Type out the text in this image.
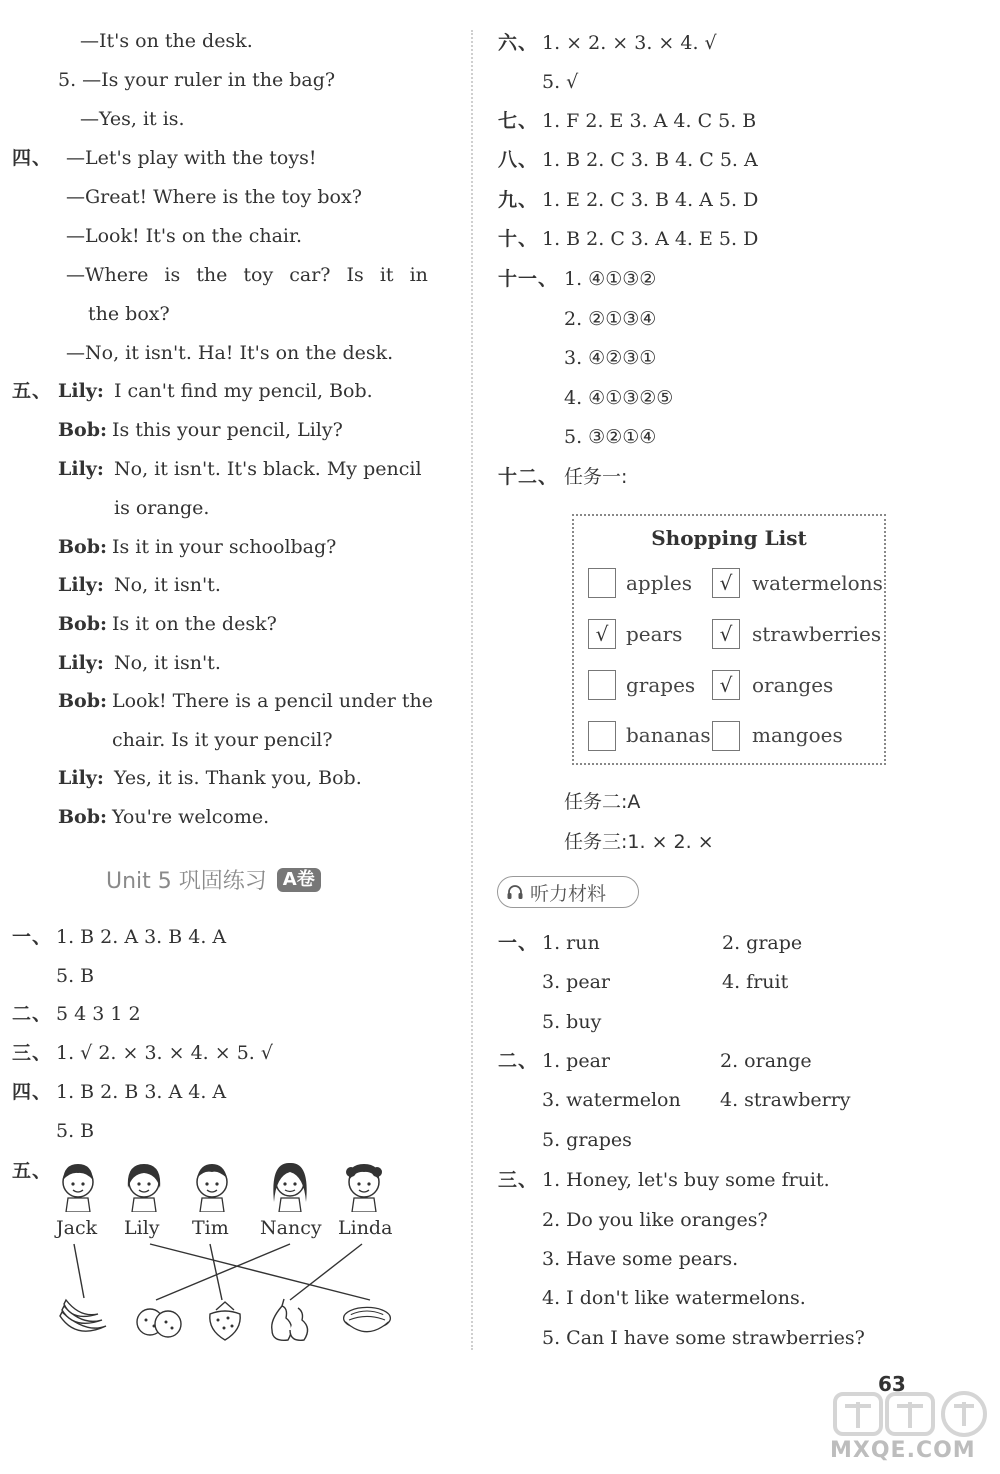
—It's on the desk.
5. —Is your ruler in the bag?
—Yes, it is.
四、 —Let's play with the toys!
—Great! Where is the toy box?
—Look! It's on the chair.
—Where is the toy car? Is it in
the box?
—No, it isn't. Ha! It's on the desk.
五、 Lily: I can't find my pencil, Bob.
Bob: Is this your pencil, Lily?
Lily: No, it isn't. It's black. My pencil
is orange.
Bob: Is it in your schoolbag?
Lily: No, it isn't.
Bob: Is it on the desk?
Lily: No, it isn't.
Bob: Look! There is a pencil under the
chair. Is it your pencil?
Lily: Yes, it is. Thank you, Bob.
Bob: You're welcome.
Unit 5 巩固练习 A卷
一、 1. B 2. A 3. B 4. A
5. B
二、 5 4 3 1 2
三、 1. √ 2. × 3. × 4. × 5. √
四、 1. B 2. B 3. A 4. A
5. B
五、
Jack Lily Tim Nancy Linda
六、 1. × 2. × 3. × 4. √
5. √
七、 1. F 2. E 3. A 4. C 5. B
八、 1. B 2. C 3. B 4. C 5. A
九、 1. E 2. C 3. B 4. A 5. D
十、 1. B 2. C 3. A 4. E 5. D
十一、 1. ④①③②
2. ②①③④
3. ④②③①
4. ④①③②⑤
5. ③②①④
十二、 任务一:
Shopping List
apples	√ watermelons
√ pears	√ strawberries
grapes	√ oranges
bananas mangoes
任务二:A
任务三:1. × 2. ×
听力材料
一、 1. run	2. grape
3. pear	4. fruit
5. buy
二、 1. pear	2. orange
3. watermelon 4. strawberry
5. grapes
三、 1. Honey, let's buy some fruit.
2. Do you like oranges?
3. Have some pears.
4. I don't like watermelons.
5. Can I have some strawberries?
63
MXQE.COM
